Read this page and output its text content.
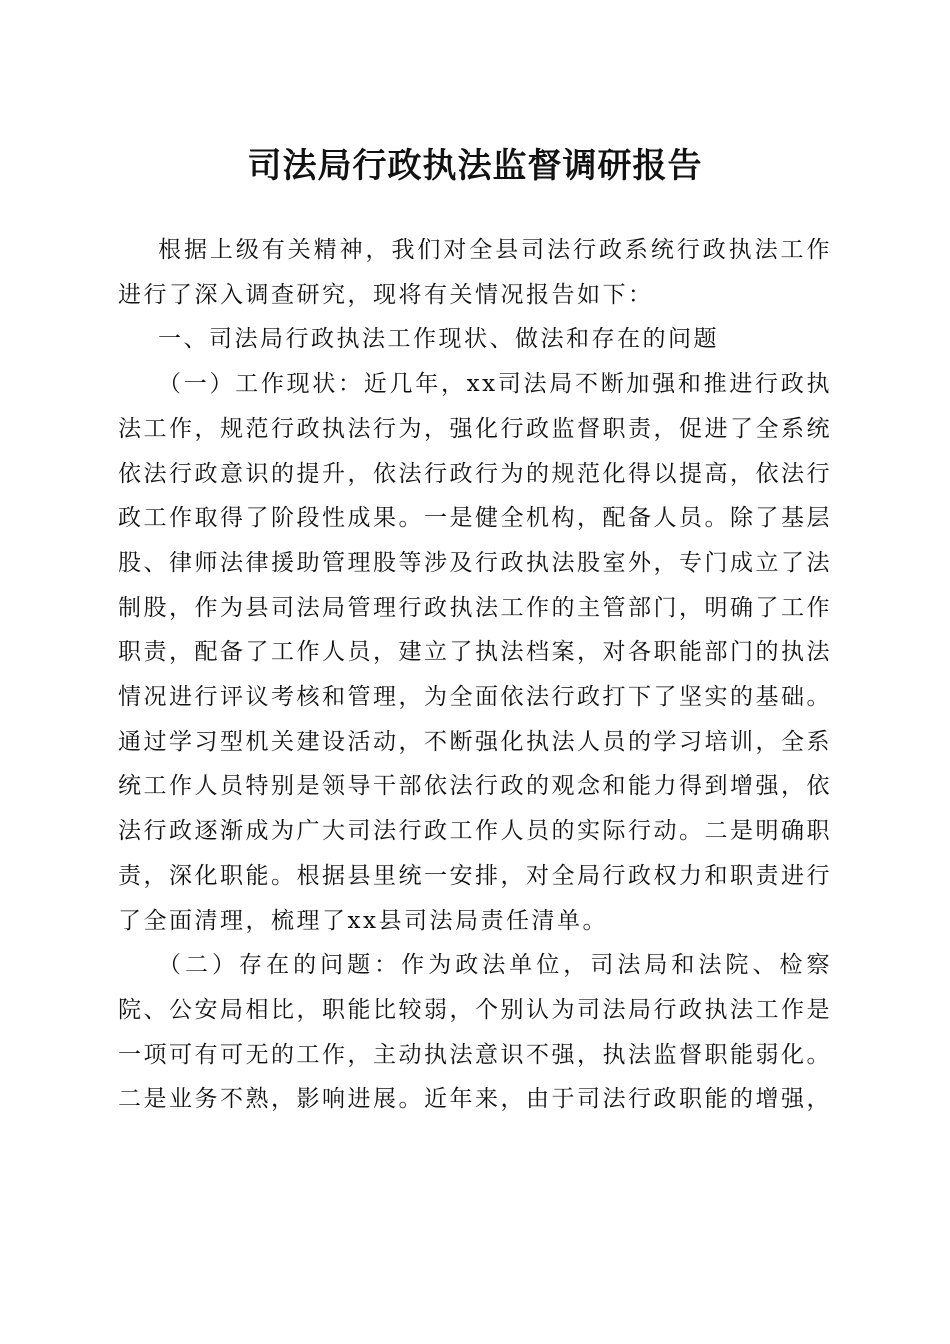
司法局行政执法监督调研报告

根据上级有关精神，我们对全县司法行政系统行政执法工作进行了深入调查研究，现将有关情况报告如下：

一、司法局行政执法工作现状、做法和存在的问题

（一）工作现状：近几年，xx司法局不断加强和推进行政执法工作，规范行政执法行为，强化行政监督职责，促进了全系统依法行政意识的提升，依法行政行为的规范化得以提高，依法行政工作取得了阶段性成果。一是健全机构，配备人员。除了基层股、律师法律援助管理股等涉及行政执法股室外，专门成立了法制股，作为县司法局管理行政执法工作的主管部门，明确了工作职责，配备了工作人员，建立了执法档案，对各职能部门的执法情况进行评议考核和管理，为全面依法行政打下了坚实的基础。通过学习型机关建设活动，不断强化执法人员的学习培训，全系统工作人员特别是领导干部依法行政的观念和能力得到增强，依法行政逐渐成为广大司法行政工作人员的实际行动。二是明确职责，深化职能。根据县里统一安排，对全局行政权力和职责进行了全面清理，梳理了xx县司法局责任清单。

（二）存在的问题：作为政法单位，司法局和法院、检察院、公安局相比，职能比较弱，个别认为司法局行政执法工作是一项可有可无的工作，主动执法意识不强，执法监督职能弱化。二是业务不熟，影响进展。近年来，由于司法行政职能的增强，
